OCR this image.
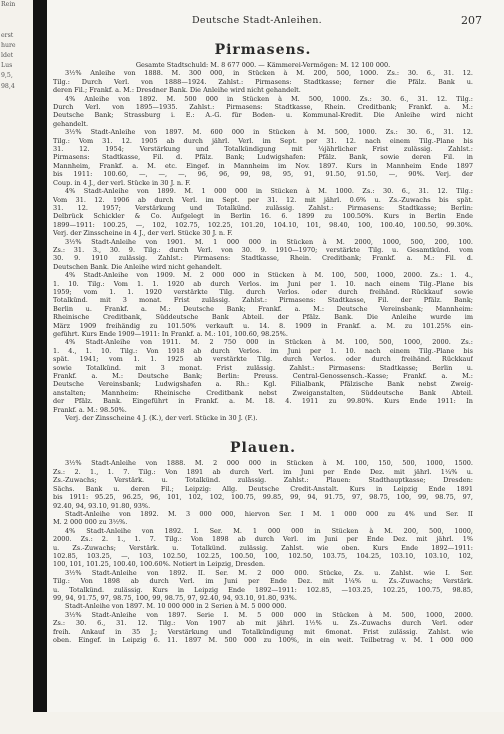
Rein
erst
hure
ldet
Lus
9,5,
98,4
Deutsche Stadt-Anleihen.	207
Pirmasens.
Gesamte Stadtschuld: M. 8 677 000. — Kämmerei-Vermögen: M. 12 100 000.
3½% Anleihe von 1888. M. 300 000, in Stücken à M. 200, 500, 1000. Zs.: 30. 6., 31. 12.
Tilg.: Durch Verl. von 1888—1924. Zahlst.: Pirmasens: Stadtkasse; ferner die Pfälz. Bank u.
deren Fil.; Frankf. a. M.: Dresdner Bank. Die Anleihe wird nicht gehandelt.
4% Anleihe von 1892. M. 500 000 in Stücken à M. 500, 1000. Zs.: 30. 6., 31. 12. Tilg.:
Durch Verl. von 1895—1935. Zahlst.: Pirmasens: Stadtkasse, Rhein. Creditbank; Frankf. a. M.:
Deutsche Bank; Strassburg i. E.: A.-G. für Boden- u. Kommunal-Kredit. Die Anleihe wird nicht
gehandelt.
3½% Stadt-Anleihe von 1897. M. 600 000 in Stücken à M. 500, 1000. Zs.: 30. 6., 31. 12.
Tilg.: Vom 31. 12. 1905 ab durch jährl. Verl. im Sept. per 31. 12. nach einem Tilg.-Plane bis
31. 12. 1954; Verstärkung und Totalkündigung mit ¼jährlicher Frist zulässig. Zahlst.:
Pirmasens: Stadtkasse, Fil. d. Pfälz. Bank; Ludwigshafen: Pfälz. Bank, sowie deren Fil. in
Mannheim, Frankf. a. M. etc. Eingef. in Mannheim im Nov. 1897. Kurs in Mannheim Ende 1897
bis 1911: 100.60, —, —, —, 96, 96, 99, 98, 95, 91, 91.50, 91.50, —, 90%. Verj. der
Coup. in 4 J., der verl. Stücke in 30 J. n. F.
4% Stadt-Anleihe von 1899. M. 1 000 000 in Stücken à M. 1000. Zs.: 30. 6., 31. 12. Tilg.:
Vom 31. 12. 1906 ab durch Verl. im Sept. per 31. 12. mit jährl. 0.6% u. Zs.-Zuwachs bis spät.
31. 12. 1957; Verstärkung und Totalkünd. zulässig. Zahlst.: Pirmasens: Stadtkasse; Berlin:
Delbrück Schickler & Co. Aufgelegt in Berlin 16. 6. 1899 zu 100.50%. Kurs in Berlin Ende
1899—1911: 100.25, —, 102, 102.75, 102.25, 101.20, 104.10, 101, 98.40, 100, 100.40, 100.50, 99.30%.
Verj. der Zinsscheine in 4 J., der verl. Stücke 30 J. n. F.
3½% Stadt-Anleihe von 1901. M. 1 000 000 in Stücken à M. 2000, 1000, 500, 200, 100.
Zs.: 31. 3., 30. 9. Tilg.: durch Verl. von 30. 9. 1910—1970; verstärkte Tilg. u. Gesamtkünd. vom
30. 9. 1910 zulässig. Zahlst.: Pirmasens: Stadtkasse, Rhein. Creditbank; Frankf. a. M.: Fil. d.
Deutschen Bank. Die Anleihe wird nicht gehandelt.
4% Stadt-Anleihe von 1909. M. 2 000 000 in Stücken à M. 100, 500, 1000, 2000. Zs.: 1. 4.,
1. 10. Tilg.: Vom 1. 1. 1920 ab durch Verlos. im Juni per 1. 10. nach einem Tilg.-Plane bis
1959; vom 1. 1. 1920 verstärkte Tilg. durch Verlos. oder durch freihänd. Rückkauf sowie
Totalkünd. mit 3 monat. Frist zulässig. Zahlst.: Pirmasens: Stadtkasse, Fil. der Pfälz. Bank;
Berlin u. Frankf. a. M.: Deutsche Bank; Frankf. a. M.: Deutsche Vereinsbank; Mannheim:
Rheinische Creditbank, Süddeutsche Bank Abteil. der Pfälz. Bank. Die Anleihe wurde im
März 1909 freihändig zu 101.50% verkauft u. 14. 8. 1909 in Frankf. a. M. zu 101.25% ein-
geführt. Kurs Ende 1909—1911: In Frankf. a. M.: 101, 100.60, 98.25%.
4% Stadt-Anleihe von 1911. M. 2 750 000 in Stücken à M. 100, 500, 1000, 2000. Zs.:
1. 4., 1. 10. Tilg.: Von 1918 ab durch Verlos. im Juni per 1. 10. nach einem Tilg.-Plane bis
spät. 1941; vom 1. 1. 1925 ab verstärkte Tilg. durch Verlos. oder durch freihänd. Rückkauf
sowie Totalkünd. mit 3 monat. Frist zulässig. Zahlst.: Pirmasens: Stadtkasse; Berlin u.
Frankf. a. M.: Deutsche Bank; Berlin: Preuss. Central-Genossensch.-Kasse; Frankf. a. M.:
Deutsche Vereinsbank; Ludwigshafen a. Rh.: Kgl. Filialbank, Pfälzische Bank nebst Zweig-
anstalten; Mannheim: Rheinische Creditbank nebst Zweiganstalten, Süddeutsche Bank Abteil.
der Pfälz. Bank. Eingeführt in Frankf. a. M. 18. 4. 1911 zu 99.80%. Kurs Ende 1911: In
Frankf. a. M.: 98.50%.
Verj. der Zinsscheine 4 J. (K.), der verl. Stücke in 30 J. (F.).
Plauen.
3½% Stadt-Anleihe von 1888. M. 2 000 000 in Stücken à M. 100, 150, 500, 1000, 1500.
Zs.: 2. 1., 1. 7. Tilg.: Von 1891 ab durch Verl. im Juni per Ende Dez. mit jährl. 1¼% u.
Zs.-Zuwachs; Verstärk. u. Totalkünd. zulässig. Zahlst.: Plauen: Stadthauptkasse; Dresden:
Sächs. Bank u. deren Fil.; Leipzig: Allg. Deutsche Credit-Anstalt. Kurs in Leipzig Ende 1891
bis 1911: 95.25, 96.25, 96, 101, 102, 102, 100.75, 99.85, 99, 94, 91.75, 97, 98.75, 100, 99, 98.75, 97,
92.40, 94, 93.10, 91.80, 93%.
Stadt-Anleihe von 1892. M. 3 000 000, hiervon Ser. I M. 1 000 000 zu 4% und Ser. II
M. 2 000 000 zu 3½%.
4% Stadt-Anleihe von 1892. I. Ser. M. 1 000 000 in Stücken à M. 200, 500, 1000,
2000. Zs.: 2. 1., 1. 7. Tilg.: Von 1898 ab durch Verl. im Juni per Ende Dez. mit jährl. 1%
u. Zs.-Zuwachs; Verstärk. u. Totalkünd. zulässig. Zahlst. wie oben. Kurs Ende 1892—1911:
102.85, 103.25, —, 103, 102.50, 102.25, 100.50, 100, 102.50, 103.75, 104.25, 103.10, 103.10, 102,
100, 101, 101.25, 100.40, 100.60%. Notiert in Leipzig, Dresden.
3½% Stadt-Anleihe von 1892. II. Ser. M. 2 000 000. Stücke, Zs. u. Zahlst. wie I. Ser.
Tilg.: Von 1898 ab durch Verl. im Juni per Ende Dez. mit 1¼% u. Zs.-Zuwachs; Verstärk.
u. Totalkünd. zulässig. Kurs in Leipzig Ende 1892—1911: 102.85, —103.25, 102.25, 100.75, 98.85,
99, 94, 91.75, 97, 98.75, 100, 99, 98.75, 97, 92.40, 94, 93.10, 91.80, 93%.
Stadt-Anleihe von 1897. M. 10 000 000 in 2 Serien à M. 5 000 000.
3½% Stadt-Anleihe von 1897. Serie I. M. 5 000 000 in Stücken à M. 500, 1000, 2000.
Zs.: 30. 6., 31. 12. Tilg.: Von 1907 ab mit jährl. 1½% u. Zs.-Zuwachs durch Verl. oder
freih. Ankauf in 35 J.; Verstärkung und Totalkündigung mit 6monat. Frist zulässig. Zahlst. wie
oben. Eingef. in Leipzig 6. 11. 1897 M. 500 000 zu 100%, in ein weit. Teilbetrag v. M. 1 000 000
